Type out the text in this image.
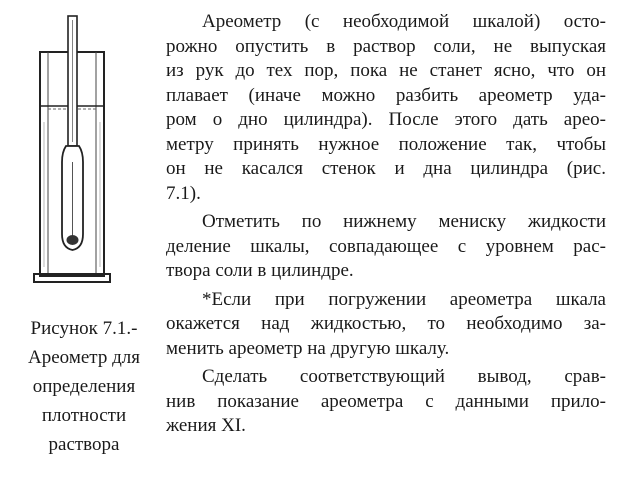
Рисунок 7.1.-
Ареометр для
определения
плотности
раствора

Ареометр (с необходимой шкалой) осто-
рожно опустить в раствор соли, не выпуская
из рук до тех пор, пока не станет ясно, что он
плавает (иначе можно разбить ареометр уда-
ром о дно цилиндра). После этого дать арео-
метру принять нужное положение так, чтобы
он не касался стенок и дна цилиндра (рис.
7.1).

Отметить по нижнему мениску жидкости
деление шкалы, совпадающее с уровнем рас-
твора соли в цилиндре.

*Если при погружении ареометра шкала
окажется над жидкостью, то необходимо за-
менить ареометр на другую шкалу.

Сделать соответствующий вывод, срав-
нив показание ареометра с данными прило-
жения XI.
